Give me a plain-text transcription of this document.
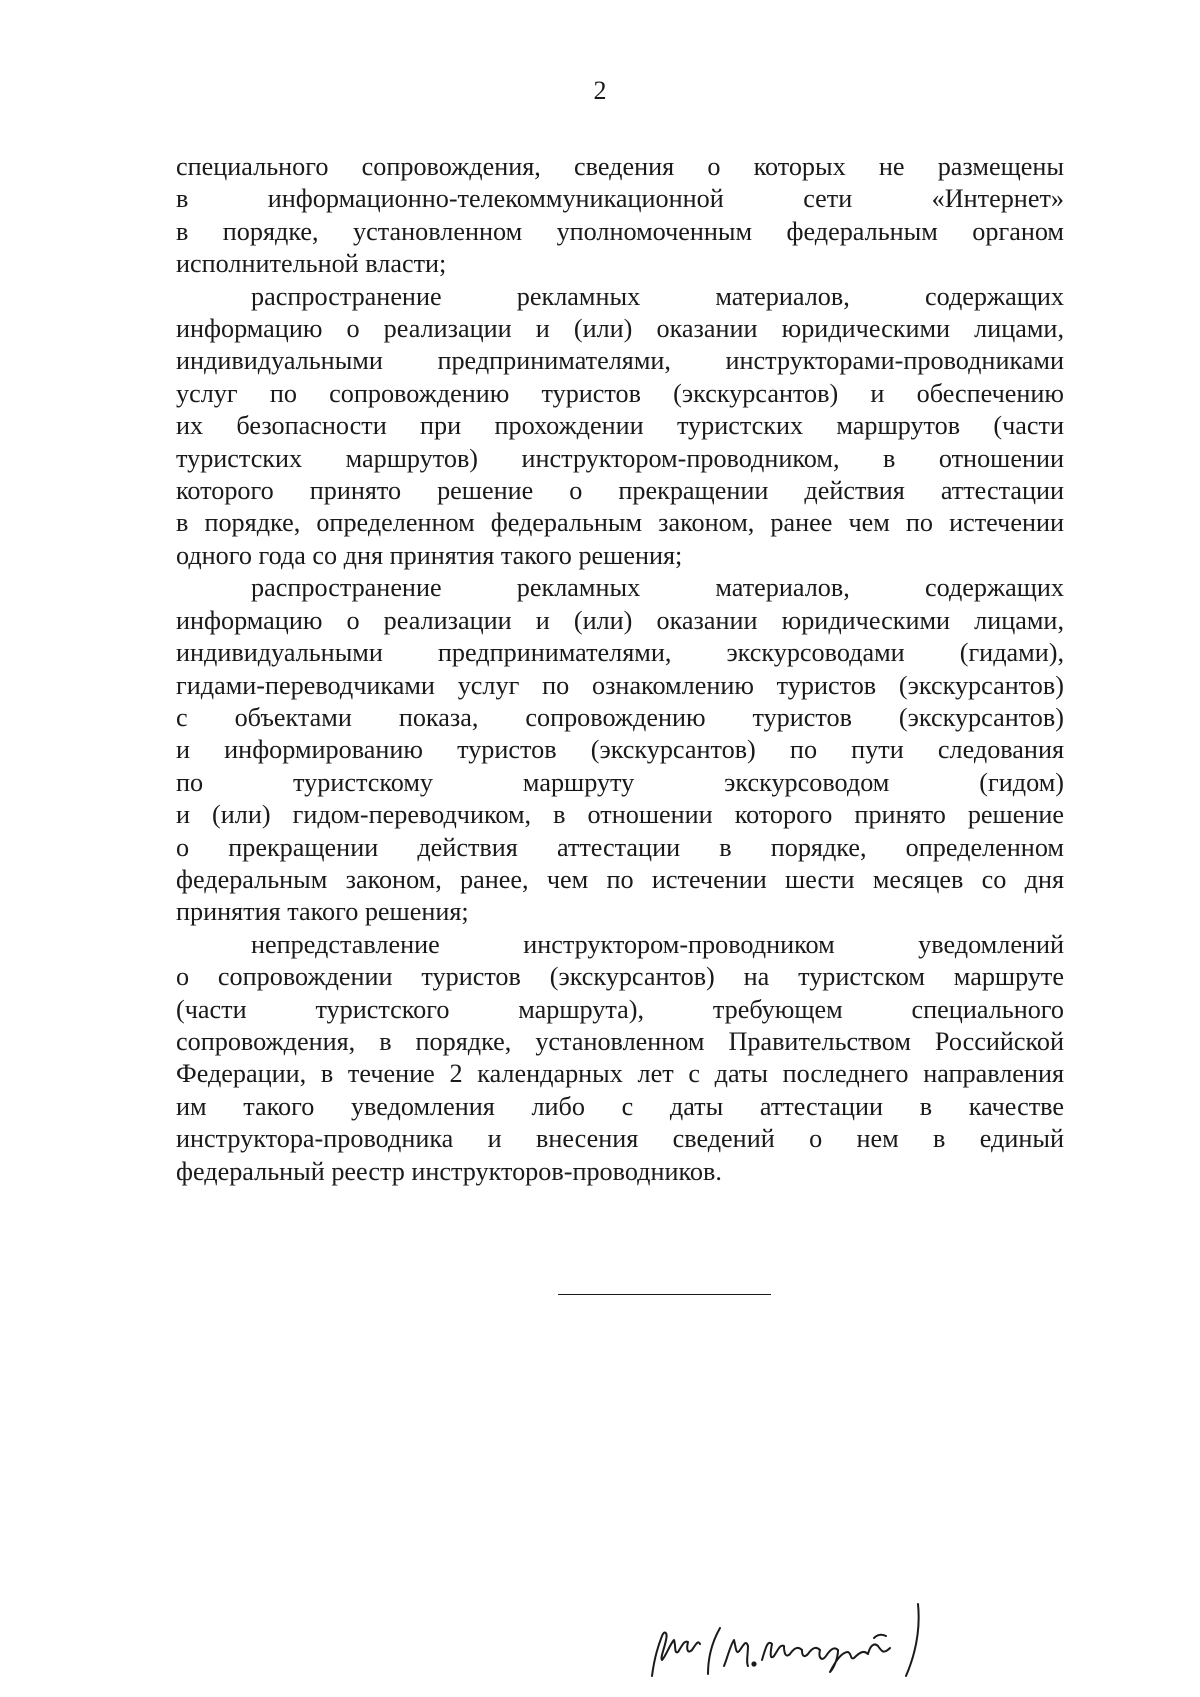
2
специального сопровождения, сведения о которых не размещены
в информационно-телекоммуникационной сети «Интернет»
в порядке, установленном уполномоченным федеральным органом
исполнительной власти;
распространение рекламных материалов, содержащих
информацию о реализации и (или) оказании юридическими лицами,
индивидуальными предпринимателями, инструкторами-проводниками
услуг по сопровождению туристов (экскурсантов) и обеспечению
их безопасности при прохождении туристских маршрутов (части
туристских маршрутов) инструктором-проводником, в отношении
которого принято решение о прекращении действия аттестации
в порядке, определенном федеральным законом, ранее чем по истечении
одного года со дня принятия такого решения;
распространение рекламных материалов, содержащих
информацию о реализации и (или) оказании юридическими лицами,
индивидуальными предпринимателями, экскурсоводами (гидами),
гидами-переводчиками услуг по ознакомлению туристов (экскурсантов)
с объектами показа, сопровождению туристов (экскурсантов)
и информированию туристов (экскурсантов) по пути следования
по туристскому маршруту экскурсоводом (гидом)
и (или) гидом-переводчиком, в отношении которого принято решение
о прекращении действия аттестации в порядке, определенном
федеральным законом, ранее, чем по истечении шести месяцев со дня
принятия такого решения;
непредставление инструктором-проводником уведомлений
о сопровождении туристов (экскурсантов) на туристском маршруте
(части туристского маршрута), требующем специального
сопровождения, в порядке, установленном Правительством Российской
Федерации, в течение 2 календарных лет с даты последнего направления
им такого уведомления либо с даты аттестации в качестве
инструктора-проводника и внесения сведений о нем в единый
федеральный реестр инструкторов-проводников.
